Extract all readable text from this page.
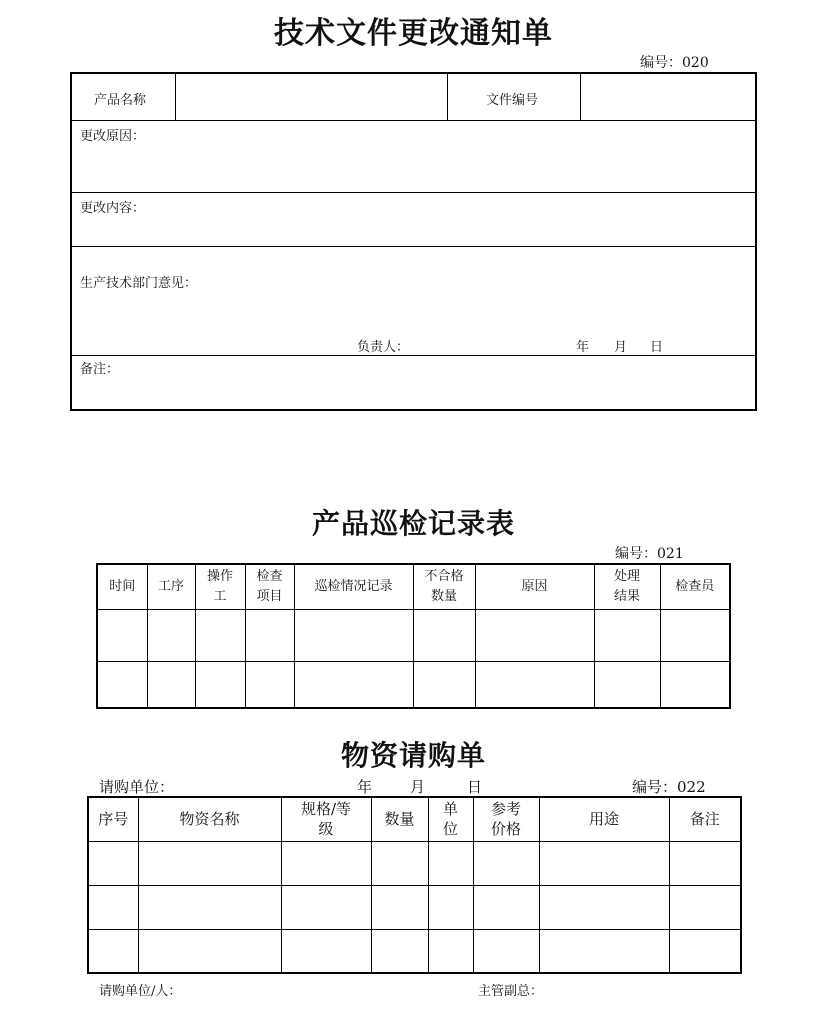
技术文件更改通知单
编号：020
产品名称	文件编号
更改原因：
更改内容：
生产技术部门意见：
负责人：	年 月 日
备注：
产品巡检记录表
编号：021
时间	工序	操作工	检查项目	巡检情况记录	不合格数量	原因	处理结果	检查员

物资请购单
请购单位：	年	月	日	编号：022
序号	物资名称	规格/等级	数量	单位	参考价格	用途	备注

请购单位/人：	主管副总：
